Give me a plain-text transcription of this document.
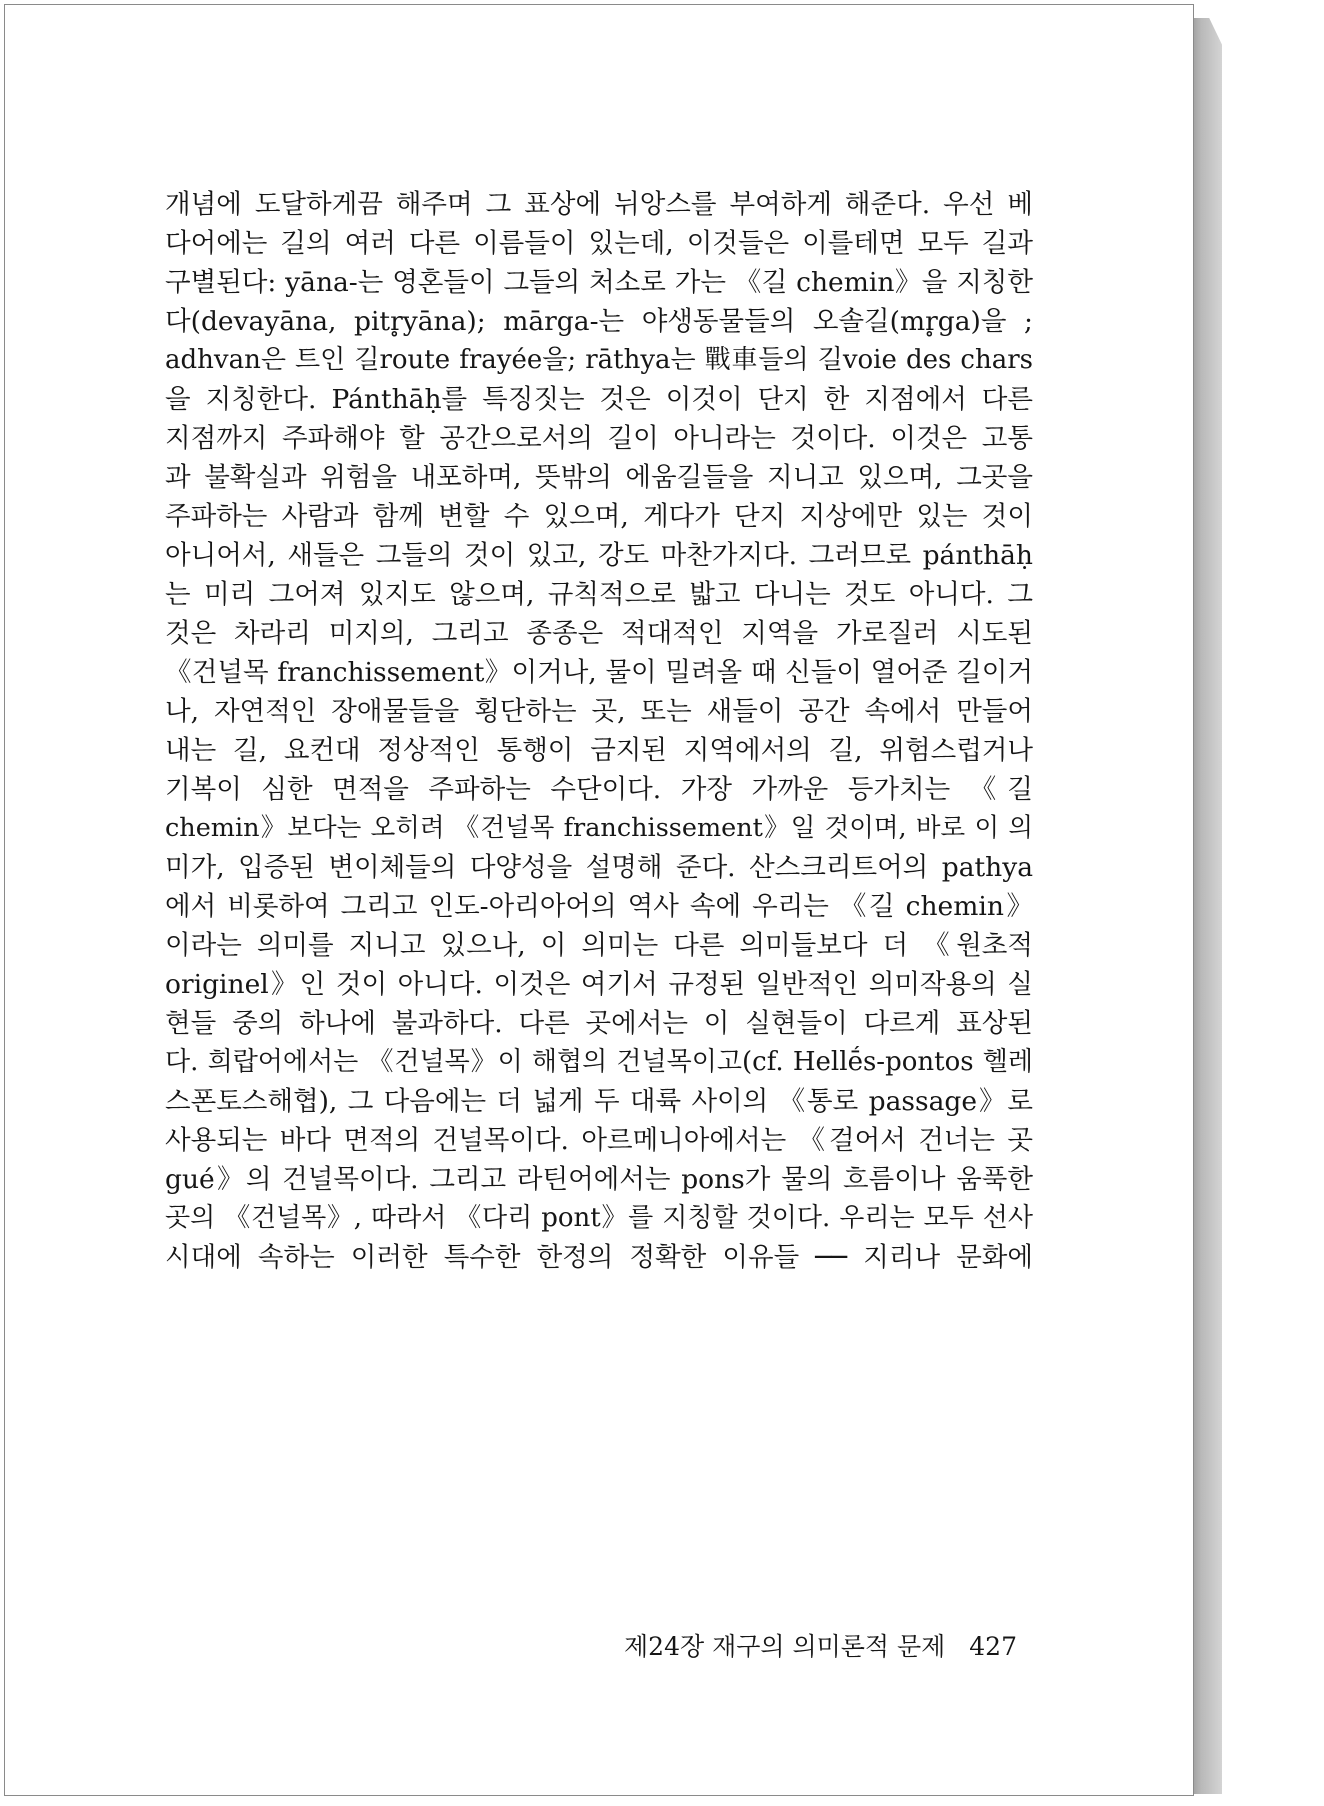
개념에 도달하게끔 해주며 그 표상에 뉘앙스를 부여하게 해준다. 우선 베
다어에는 길의 여러 다른 이름들이 있는데, 이것들은 이를테면 모두 길과
구별된다: yāna-는 영혼들이 그들의 처소로 가는 《길 chemin》을 지칭한
다(devayāna, pitr̥yāna); mārga-는 야생동물들의 오솔길(mr̥ga)을 ;
adhvan은 트인 길route frayée을; rāthya는 戰車들의 길voie des chars
을 지칭한다. Pánthāḥ를 특징짓는 것은 이것이 단지 한 지점에서 다른
지점까지 주파해야 할 공간으로서의 길이 아니라는 것이다. 이것은 고통
과 불확실과 위험을 내포하며, 뜻밖의 에움길들을 지니고 있으며, 그곳을
주파하는 사람과 함께 변할 수 있으며, 게다가 단지 지상에만 있는 것이
아니어서, 새들은 그들의 것이 있고, 강도 마찬가지다. 그러므로 pánthāḥ
는 미리 그어져 있지도 않으며, 규칙적으로 밟고 다니는 것도 아니다. 그
것은 차라리 미지의, 그리고 종종은 적대적인 지역을 가로질러 시도된
《건널목 franchissement》이거나, 물이 밀려올 때 신들이 열어준 길이거
나, 자연적인 장애물들을 횡단하는 곳, 또는 새들이 공간 속에서 만들어
내는 길, 요컨대 정상적인 통행이 금지된 지역에서의 길, 위험스럽거나
기복이 심한 면적을 주파하는 수단이다. 가장 가까운 등가치는 《길
chemin》보다는 오히려 《건널목 franchissement》일 것이며, 바로 이 의
미가, 입증된 변이체들의 다양성을 설명해 준다. 산스크리트어의 pathya
에서 비롯하여 그리고 인도-아리아어의 역사 속에 우리는 《길 chemin》
이라는 의미를 지니고 있으나, 이 의미는 다른 의미들보다 더 《원초적
originel》인 것이 아니다. 이것은 여기서 규정된 일반적인 의미작용의 실
현들 중의 하나에 불과하다. 다른 곳에서는 이 실현들이 다르게 표상된
다. 희랍어에서는 《건널목》이 해협의 건널목이고(cf. Hellḗs-pontos 헬레
스폰토스해협), 그 다음에는 더 넓게 두 대륙 사이의 《통로 passage》로
사용되는 바다 면적의 건널목이다. 아르메니아에서는 《걸어서 건너는 곳
gué》의 건널목이다. 그리고 라틴어에서는 pons가 물의 흐름이나 움푹한
곳의 《건널목》, 따라서 《다리 pont》를 지칭할 것이다. 우리는 모두 선사
시대에 속하는 이러한 특수한 한정의 정확한 이유들 ── 지리나 문화에
제24장 재구의 의미론적 문제 427
